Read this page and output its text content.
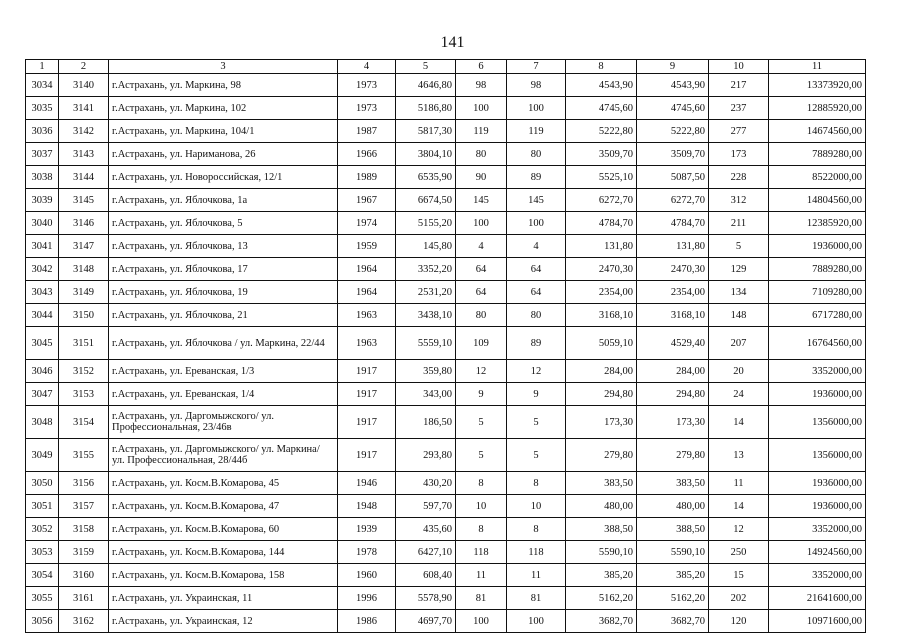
141
1	2	3	4	5	6	7	8	9	10	11
3034	3140	г.Астрахань, ул. Маркина, 98	1973	4646,80	98	98	4543,90	4543,90	217	13373920,00
3035	3141	г.Астрахань, ул. Маркина, 102	1973	5186,80	100	100	4745,60	4745,60	237	12885920,00
3036	3142	г.Астрахань, ул. Маркина, 104/1	1987	5817,30	119	119	5222,80	5222,80	277	14674560,00
3037	3143	г.Астрахань, ул. Нариманова, 26	1966	3804,10	80	80	3509,70	3509,70	173	7889280,00
3038	3144	г.Астрахань, ул. Новороссийская, 12/1	1989	6535,90	90	89	5525,10	5087,50	228	8522000,00
3039	3145	г.Астрахань, ул. Яблочкова, 1а	1967	6674,50	145	145	6272,70	6272,70	312	14804560,00
3040	3146	г.Астрахань, ул. Яблочкова, 5	1974	5155,20	100	100	4784,70	4784,70	211	12385920,00
3041	3147	г.Астрахань, ул. Яблочкова, 13	1959	145,80	4	4	131,80	131,80	5	1936000,00
3042	3148	г.Астрахань, ул. Яблочкова, 17	1964	3352,20	64	64	2470,30	2470,30	129	7889280,00
3043	3149	г.Астрахань, ул. Яблочкова, 19	1964	2531,20	64	64	2354,00	2354,00	134	7109280,00
3044	3150	г.Астрахань, ул. Яблочкова, 21	1963	3438,10	80	80	3168,10	3168,10	148	6717280,00
3045	3151	г.Астрахань, ул. Яблочкова / ул. Маркина, 22/44	1963	5559,10	109	89	5059,10	4529,40	207	16764560,00
3046	3152	г.Астрахань, ул. Ереванская, 1/3	1917	359,80	12	12	284,00	284,00	20	3352000,00
3047	3153	г.Астрахань, ул. Ереванская, 1/4	1917	343,00	9	9	294,80	294,80	24	1936000,00
3048	3154	г.Астрахань, ул. Даргомыжского/ ул. Профессиональная, 23/46в	1917	186,50	5	5	173,30	173,30	14	1356000,00
3049	3155	г.Астрахань, ул. Даргомыжского/ ул. Маркина/ ул. Профессиональная, 28/44б	1917	293,80	5	5	279,80	279,80	13	1356000,00
3050	3156	г.Астрахань, ул. Косм.В.Комарова, 45	1946	430,20	8	8	383,50	383,50	11	1936000,00
3051	3157	г.Астрахань, ул. Косм.В.Комарова, 47	1948	597,70	10	10	480,00	480,00	14	1936000,00
3052	3158	г.Астрахань, ул. Косм.В.Комарова, 60	1939	435,60	8	8	388,50	388,50	12	3352000,00
3053	3159	г.Астрахань, ул. Косм.В.Комарова, 144	1978	6427,10	118	118	5590,10	5590,10	250	14924560,00
3054	3160	г.Астрахань, ул. Косм.В.Комарова, 158	1960	608,40	11	11	385,20	385,20	15	3352000,00
3055	3161	г.Астрахань, ул. Украинская, 11	1996	5578,90	81	81	5162,20	5162,20	202	21641600,00
3056	3162	г.Астрахань, ул. Украинская, 12	1986	4697,70	100	100	3682,70	3682,70	120	10971600,00
